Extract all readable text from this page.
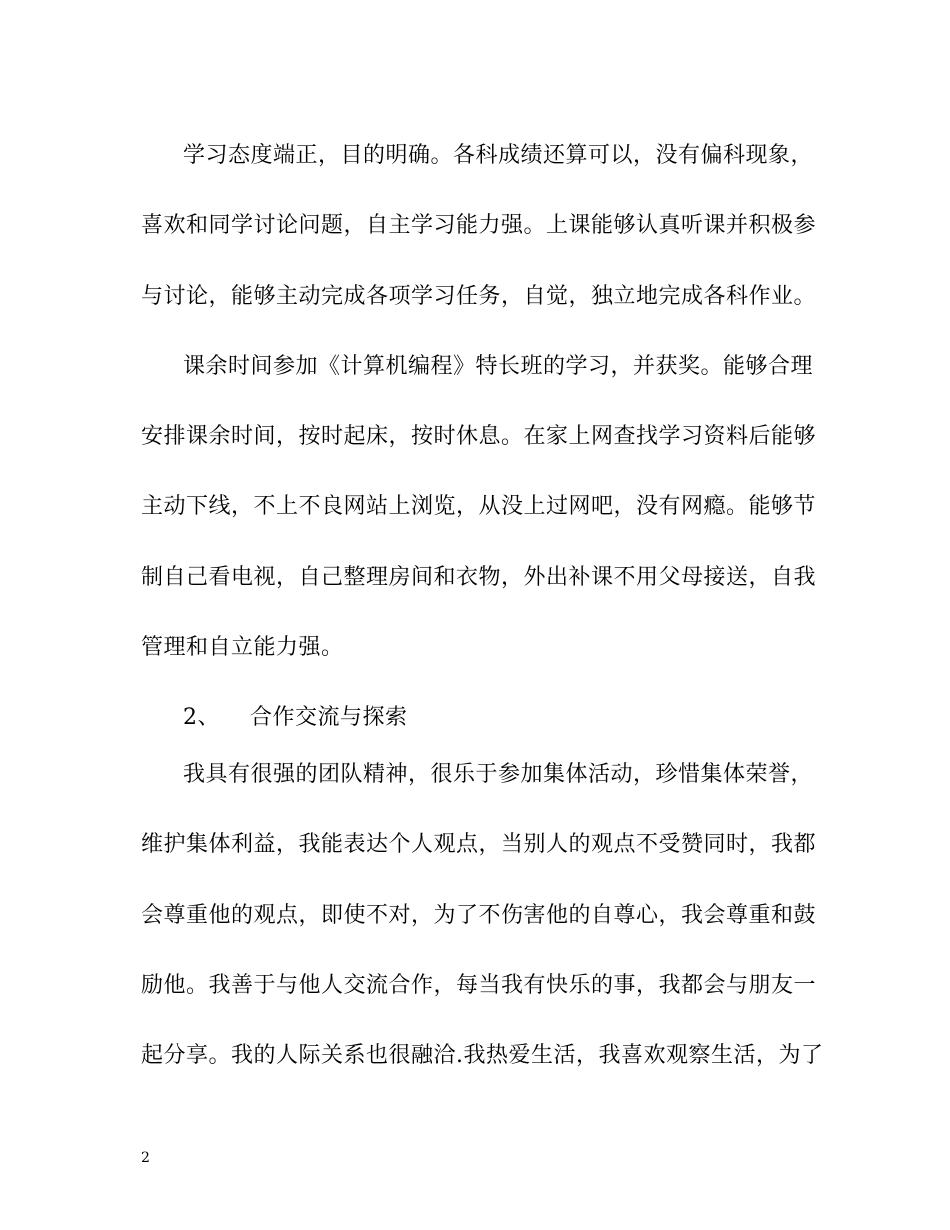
学习态度端正，目的明确。各科成绩还算可以，没有偏科现象，
喜欢和同学讨论问题，自主学习能力强。上课能够认真听课并积极参
与讨论，能够主动完成各项学习任务，自觉，独立地完成各科作业。
课余时间参加《计算机编程》特长班的学习，并获奖。能够合理
安排课余时间，按时起床，按时休息。在家上网查找学习资料后能够
主动下线，不上不良网站上浏览，从没上过网吧，没有网瘾。能够节
制自己看电视，自己整理房间和衣物，外出补课不用父母接送，自我
管理和自立能力强。
2、 合作交流与探索
我具有很强的团队精神，很乐于参加集体活动，珍惜集体荣誉，
维护集体利益，我能表达个人观点，当别人的观点不受赞同时，我都
会尊重他的观点，即使不对，为了不伤害他的自尊心，我会尊重和鼓
励他。我善于与他人交流合作，每当我有快乐的事，我都会与朋友一
起分享。我的人际关系也很融洽.我热爱生活，我喜欢观察生活，为了
2
